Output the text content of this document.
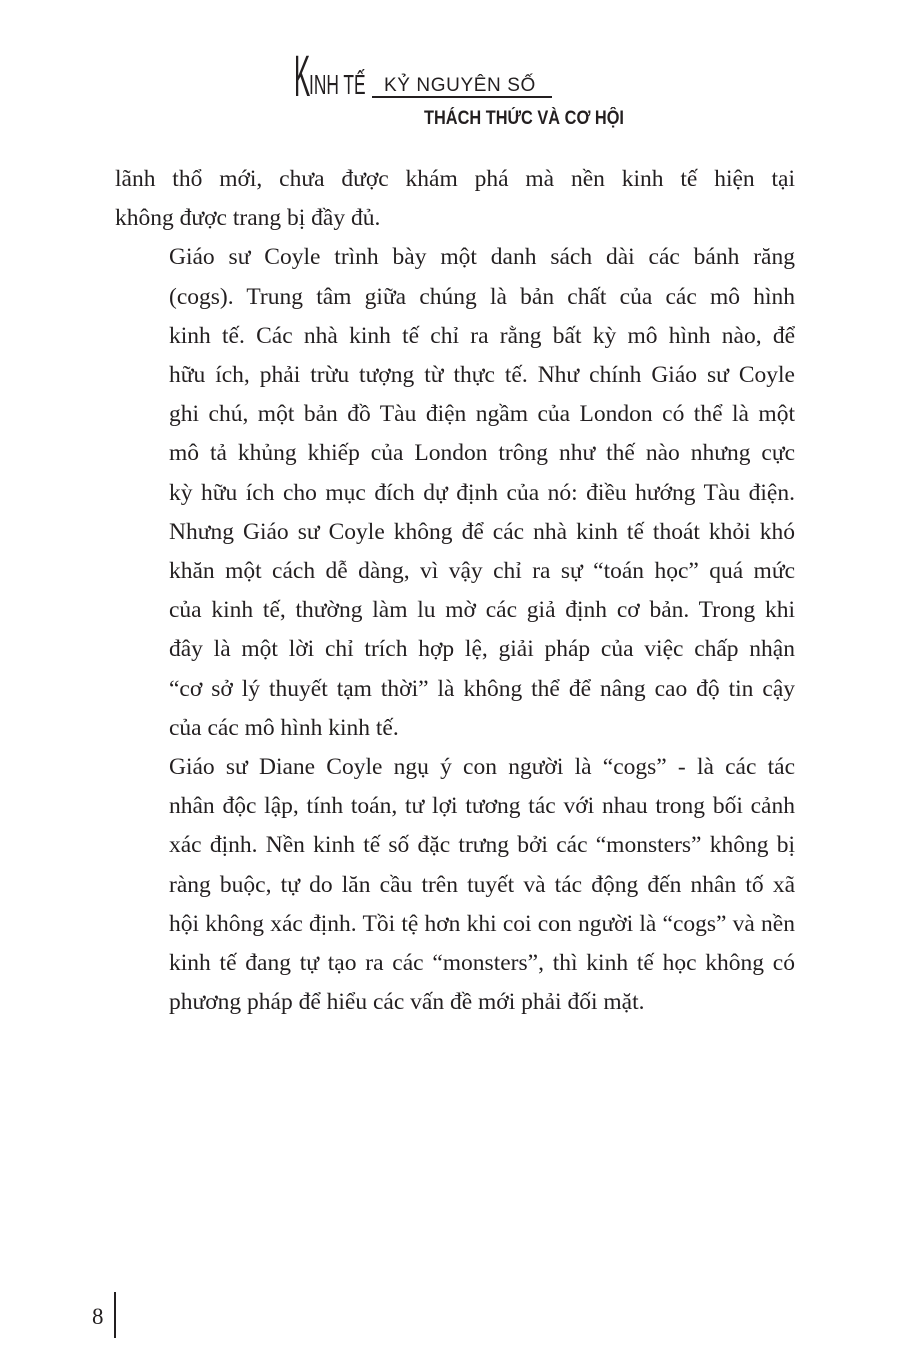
K
INH TẾ KỶ NGUYÊN SỐ
THÁCH THỨC VÀ CƠ HỘI

lãnh thổ mới, chưa được khám phá mà nền kinh tế hiện tại
không được trang bị đầy đủ.

Giáo sư Coyle trình bày một danh sách dài các bánh răng
(cogs). Trung tâm giữa chúng là bản chất của các mô hình
kinh tế. Các nhà kinh tế chỉ ra rằng bất kỳ mô hình nào, để
hữu ích, phải trừu tượng từ thực tế. Như chính Giáo sư Coyle
ghi chú, một bản đồ Tàu điện ngầm của London có thể là một
mô tả khủng khiếp của London trông như thế nào nhưng cực
kỳ hữu ích cho mục đích dự định của nó: điều hướng Tàu điện.
Nhưng Giáo sư Coyle không để các nhà kinh tế thoát khỏi khó
khăn một cách dễ dàng, vì vậy chỉ ra sự “toán học” quá mức
của kinh tế, thường làm lu mờ các giả định cơ bản. Trong khi
đây là một lời chỉ trích hợp lệ, giải pháp của việc chấp nhận
“cơ sở lý thuyết tạm thời” là không thể để nâng cao độ tin cậy
của các mô hình kinh tế.

Giáo sư Diane Coyle ngụ ý con người là “cogs” - là các tác
nhân độc lập, tính toán, tư lợi tương tác với nhau trong bối cảnh
xác định. Nền kinh tế số đặc trưng bởi các “monsters” không bị
ràng buộc, tự do lăn cầu trên tuyết và tác động đến nhân tố xã
hội không xác định. Tồi tệ hơn khi coi con người là “cogs” và nền
kinh tế đang tự tạo ra các “monsters”, thì kinh tế học không có
phương pháp để hiểu các vấn đề mới phải đối mặt.

8
